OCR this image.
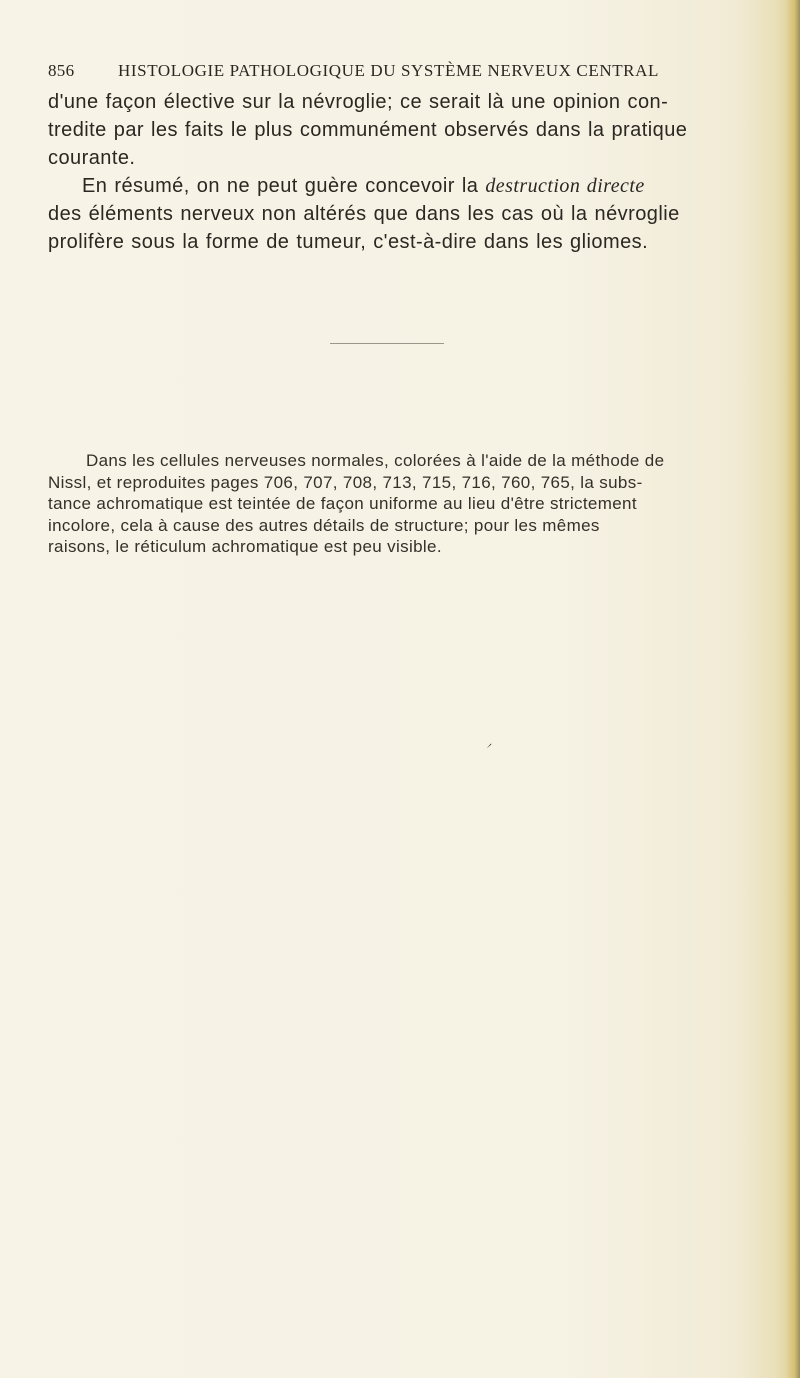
856	HISTOLOGIE PATHOLOGIQUE DU SYSTÈME NERVEUX CENTRAL
d'une façon élective sur la névroglie; ce serait là une opinion con-
tredite par les faits le plus communément observés dans la pratique
courante.
En résumé, on ne peut guère concevoir la destruction directe
des éléments nerveux non altérés que dans les cas où la névroglie
prolifère sous la forme de tumeur, c'est-à-dire dans les gliomes.
Dans les cellules nerveuses normales, colorées à l'aide de la méthode de
Nissl, et reproduites pages 706, 707, 708, 713, 715, 716, 760, 765, la subs-
tance achromatique est teintée de façon uniforme au lieu d'être strictement
incolore, cela à cause des autres détails de structure; pour les mêmes
raisons, le réticulum achromatique est peu visible.
